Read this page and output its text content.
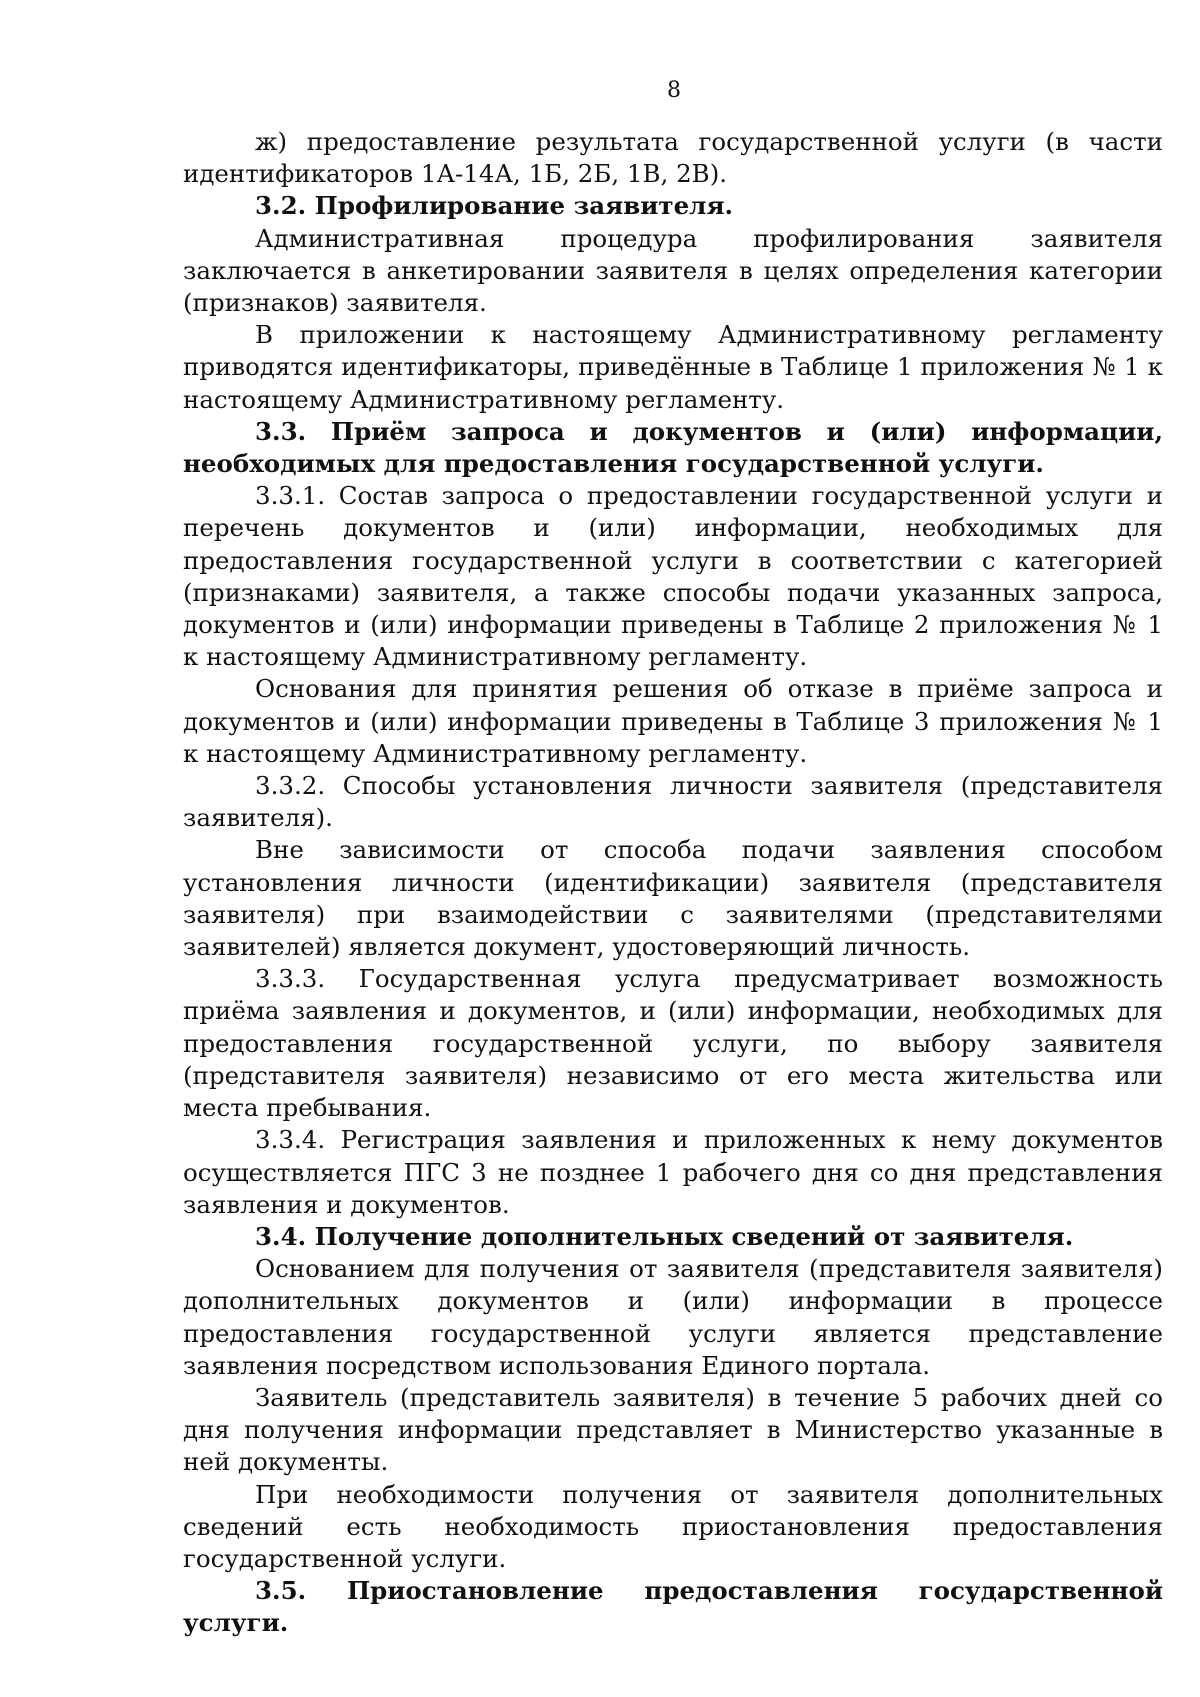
8

ж) предоставление результата государственной услуги (в части идентификаторов 1А-14А, 1Б, 2Б, 1В, 2В).

3.2. Профилирование заявителя.

Административная процедура профилирования заявителя заключается в анкетировании заявителя в целях определения категории (признаков) заявителя.

В приложении к настоящему Административному регламенту приводятся идентификаторы, приведённые в Таблице 1 приложения № 1 к настоящему Административному регламенту.

3.3. Приём запроса и документов и (или) информации, необходимых для предоставления государственной услуги.

3.3.1. Состав запроса о предоставлении государственной услуги и перечень документов и (или) информации, необходимых для предоставления государственной услуги в соответствии с категорией (признаками) заявителя, а также способы подачи указанных запроса, документов и (или) информации приведены в Таблице 2 приложения № 1 к настоящему Административному регламенту.

Основания для принятия решения об отказе в приёме запроса и документов и (или) информации приведены в Таблице 3 приложения № 1 к настоящему Административному регламенту.

3.3.2. Способы установления личности заявителя (представителя заявителя).

Вне зависимости от способа подачи заявления способом установления личности (идентификации) заявителя (представителя заявителя) при взаимодействии с заявителями (представителями заявителей) является документ, удостоверяющий личность.

3.3.3. Государственная услуга предусматривает возможность приёма заявления и документов, и (или) информации, необходимых для предоставления государственной услуги, по выбору заявителя (представителя заявителя) независимо от его места жительства или места пребывания.

3.3.4. Регистрация заявления и приложенных к нему документов осуществляется ПГС 3 не позднее 1 рабочего дня со дня представления заявления и документов.

3.4. Получение дополнительных сведений от заявителя.

Основанием для получения от заявителя (представителя заявителя) дополнительных документов и (или) информации в процессе предоставления государственной услуги является представление заявления посредством использования Единого портала.

Заявитель (представитель заявителя) в течение 5 рабочих дней со дня получения информации представляет в Министерство указанные в ней документы.

При необходимости получения от заявителя дополнительных сведений есть необходимость приостановления предоставления государственной услуги.

3.5. Приостановление предоставления государственной услуги.
